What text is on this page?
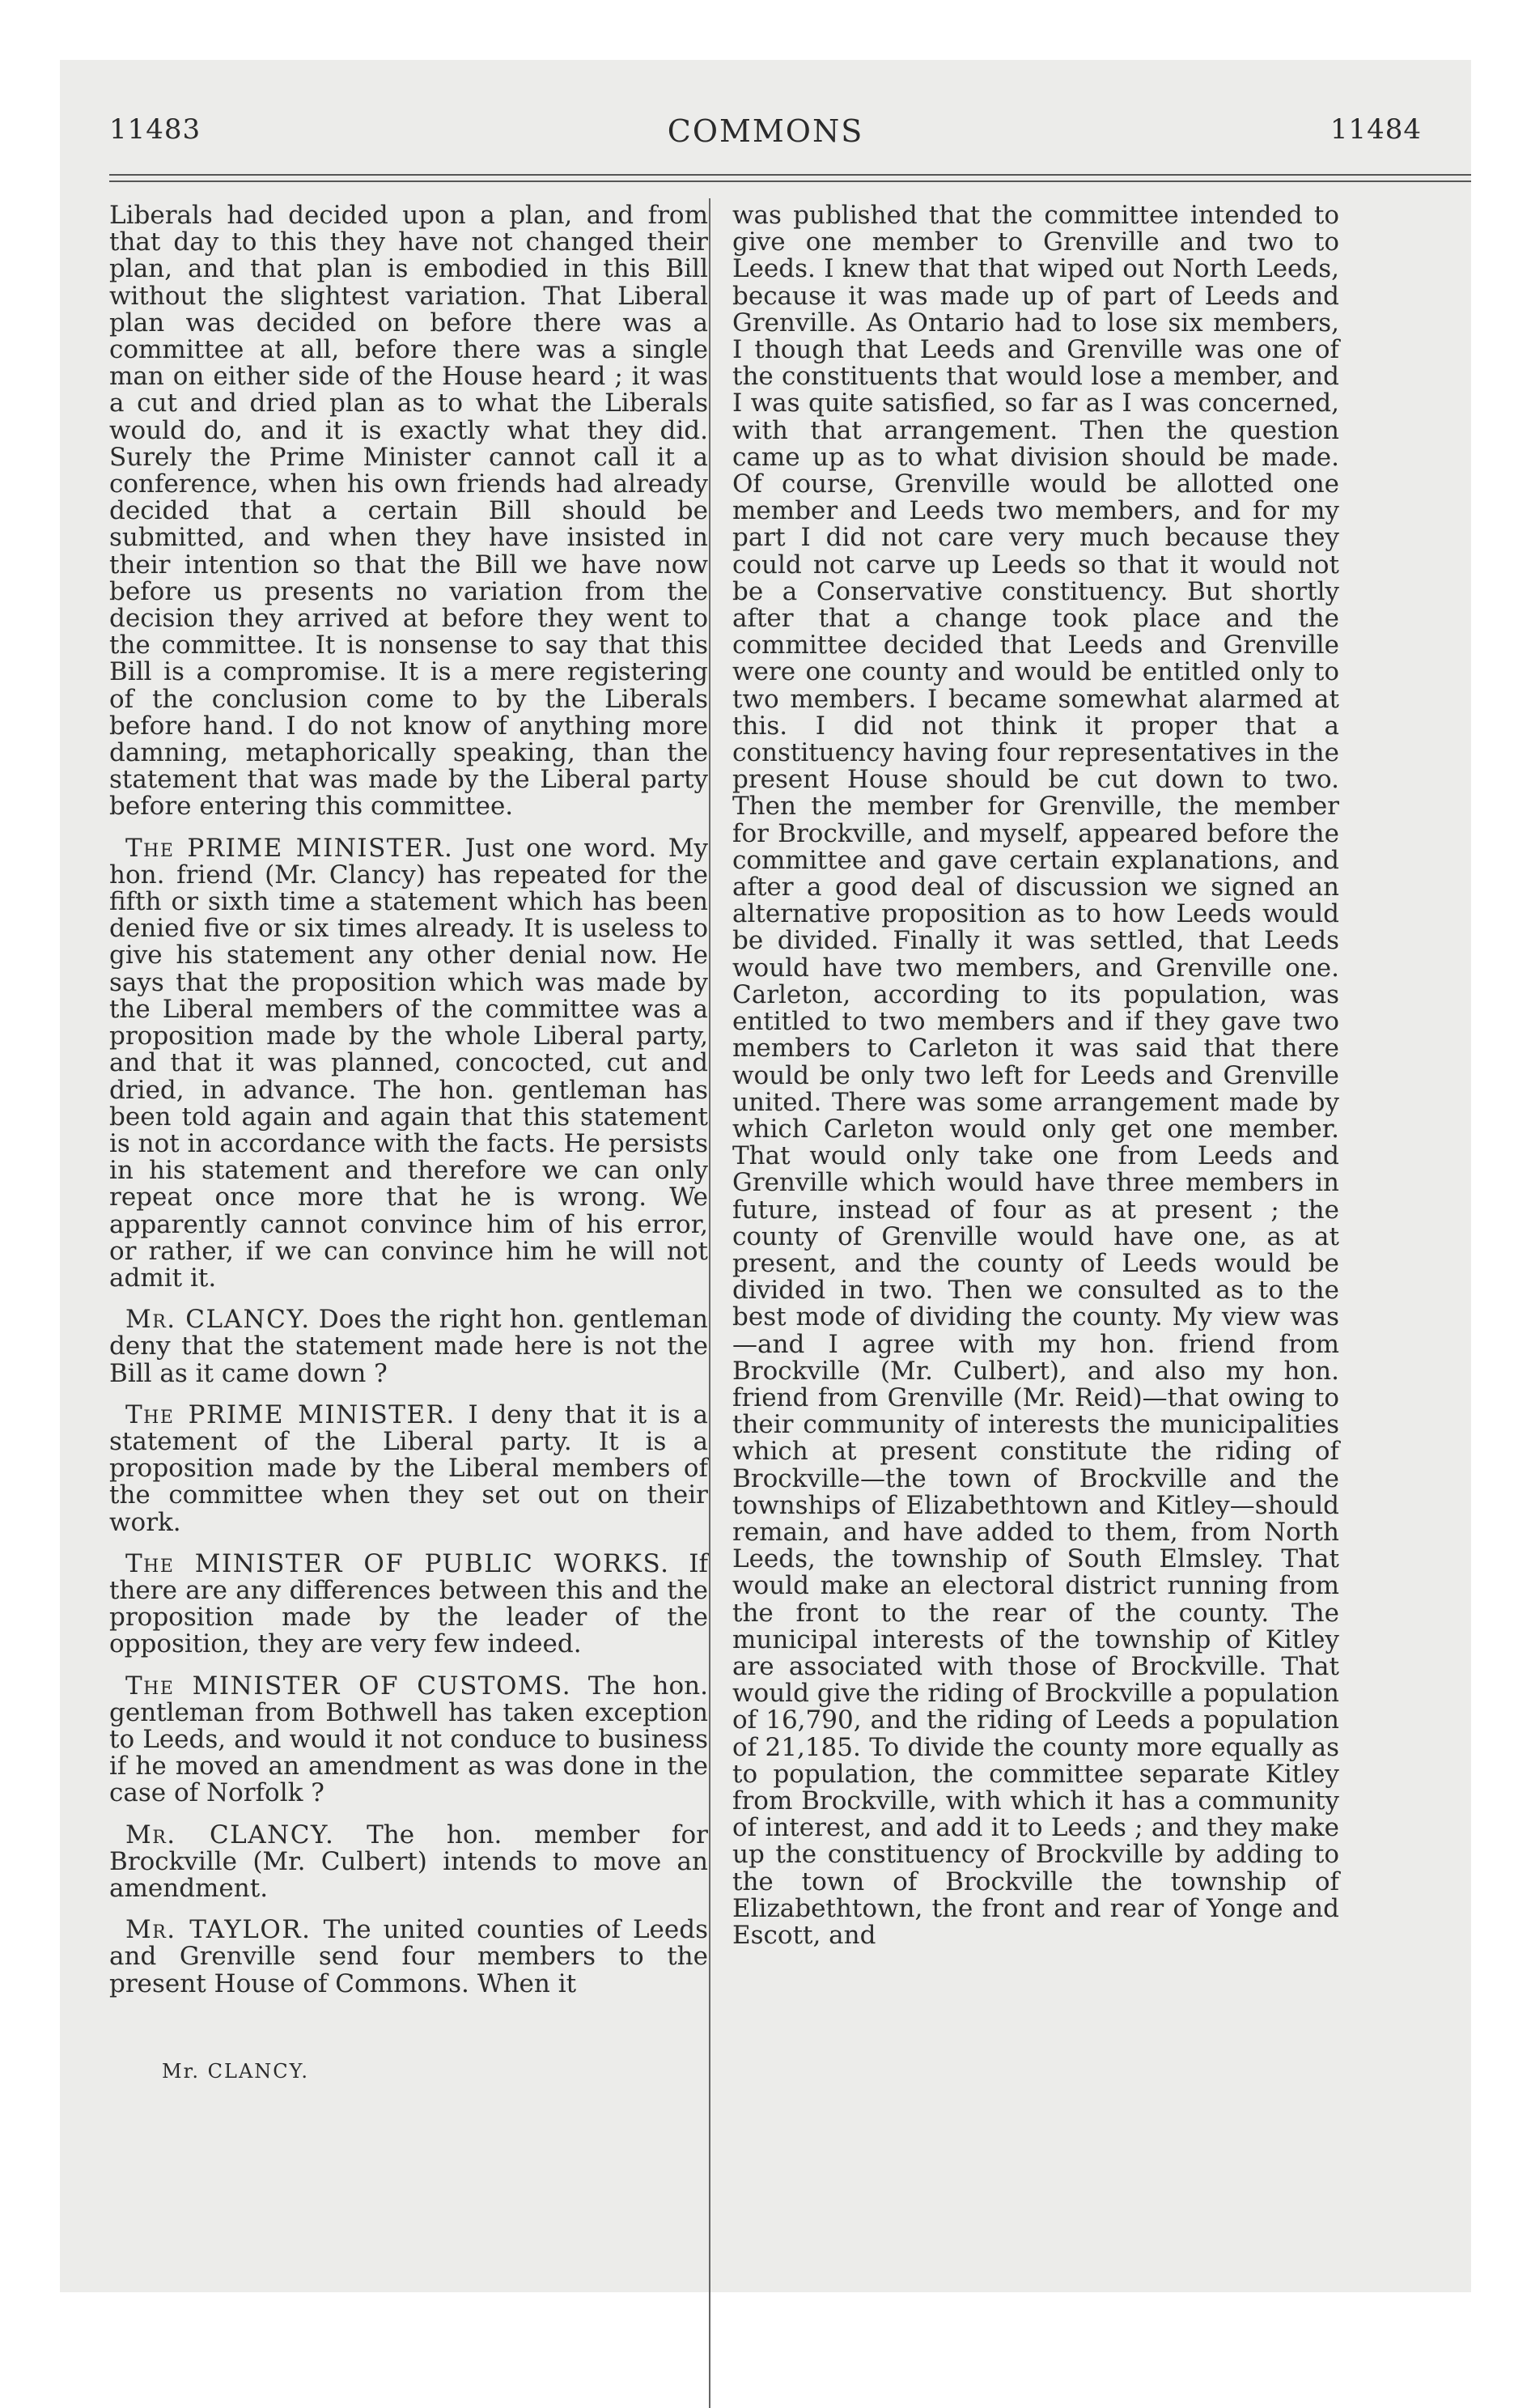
11483	COMMONS	11484

Liberals had decided upon a plan, and from that day to this they have not changed their plan, and that plan is embodied in this Bill without the slightest variation. That Liberal plan was decided on before there was a committee at all, before there was a single man on either side of the House heard ; it was a cut and dried plan as to what the Liberals would do, and it is exactly what they did. Surely the Prime Minister cannot call it a conference, when his own friends had already decided that a certain Bill should be submitted, and when they have insisted in their intention so that the Bill we have now before us presents no variation from the decision they arrived at before they went to the committee. It is nonsense to say that this Bill is a compromise. It is a mere registering of the conclusion come to by the Liberals before hand. I do not know of anything more damning, metaphorically speaking, than the statement that was made by the Liberal party before entering this committee.

The PRIME MINISTER. Just one word. My hon. friend (Mr. Clancy) has repeated for the fifth or sixth time a statement which has been denied five or six times already. It is useless to give his statement any other denial now. He says that the proposition which was made by the Liberal members of the committee was a proposition made by the whole Liberal party, and that it was planned, concocted, cut and dried, in advance. The hon. gentleman has been told again and again that this statement is not in accordance with the facts. He persists in his statement and therefore we can only repeat once more that he is wrong. We apparently cannot convince him of his error, or rather, if we can convince him he will not admit it.

Mr. CLANCY. Does the right hon. gentleman deny that the statement made here is not the Bill as it came down ?

The PRIME MINISTER. I deny that it is a statement of the Liberal party. It is a proposition made by the Liberal members of the committee when they set out on their work.

The MINISTER OF PUBLIC WORKS. If there are any differences between this and the proposition made by the leader of the opposition, they are very few indeed.

The MINISTER OF CUSTOMS. The hon. gentleman from Bothwell has taken exception to Leeds, and would it not conduce to business if he moved an amendment as was done in the case of Norfolk ?

Mr. CLANCY. The hon. member for Brockville (Mr. Culbert) intends to move an amendment.

Mr. TAYLOR. The united counties of Leeds and Grenville send four members to the present House of Commons. When it

was published that the committee intended to give one member to Grenville and two to Leeds. I knew that that wiped out North Leeds, because it was made up of part of Leeds and Grenville. As Ontario had to lose six members, I though that Leeds and Grenville was one of the constituents that would lose a member, and I was quite satisfied, so far as I was concerned, with that arrangement. Then the question came up as to what division should be made. Of course, Grenville would be allotted one member and Leeds two members, and for my part I did not care very much because they could not carve up Leeds so that it would not be a Conservative constituency. But shortly after that a change took place and the committee decided that Leeds and Grenville were one county and would be entitled only to two members. I became somewhat alarmed at this. I did not think it proper that a constituency having four representatives in the present House should be cut down to two. Then the member for Grenville, the member for Brockville, and myself, appeared before the committee and gave certain explanations, and after a good deal of discussion we signed an alternative proposition as to how Leeds would be divided. Finally it was settled, that Leeds would have two members, and Grenville one. Carleton, according to its population, was entitled to two members and if they gave two members to Carleton it was said that there would be only two left for Leeds and Grenville united. There was some arrangement made by which Carleton would only get one member. That would only take one from Leeds and Grenville which would have three members in future, instead of four as at present ; the county of Grenville would have one, as at present, and the county of Leeds would be divided in two. Then we consulted as to the best mode of dividing the county. My view was—and I agree with my hon. friend from Brockville (Mr. Culbert), and also my hon. friend from Grenville (Mr. Reid)—that owing to their community of interests the municipalities which at present constitute the riding of Brockville—the town of Brockville and the townships of Elizabethtown and Kitley—should remain, and have added to them, from North Leeds, the township of South Elmsley. That would make an electoral district running from the front to the rear of the county. The municipal interests of the township of Kitley are associated with those of Brockville. That would give the riding of Brockville a population of 16,790, and the riding of Leeds a population of 21,185. To divide the county more equally as to population, the committee separate Kitley from Brockville, with which it has a community of interest, and add it to Leeds ; and they make up the constituency of Brockville by adding to the town of Brockville the township of Elizabethtown, the front and rear of Yonge and Escott, and

Mr. CLANCY.
